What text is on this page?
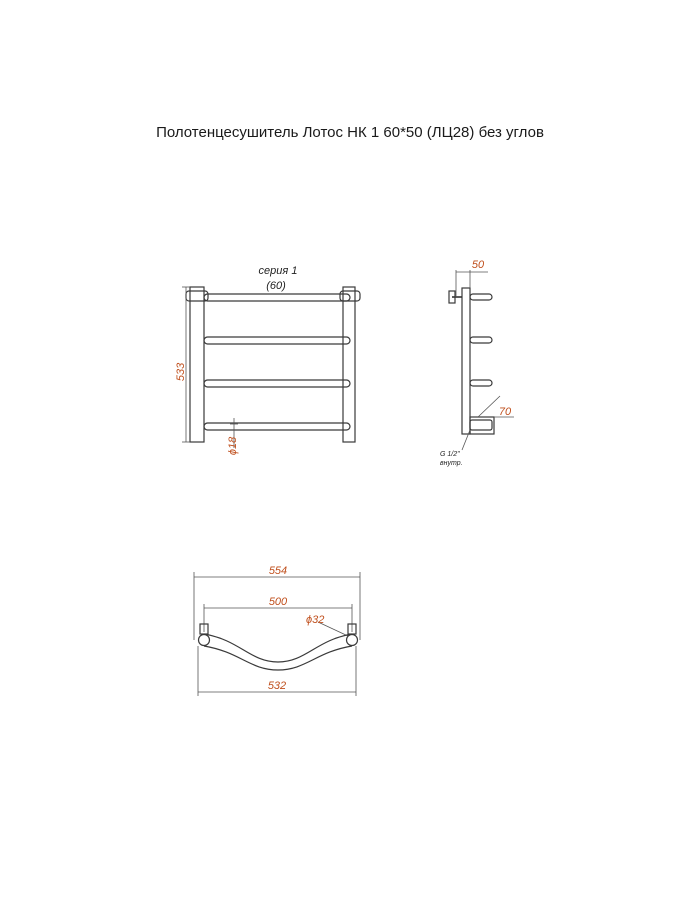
Полотенцесушитель Лотос НК 1 60*50 (ЛЦ28) без углов
533
ϕ18
серия 1
(60)
50
70
G 1/2"
внутр.
554
500
ϕ32
532
